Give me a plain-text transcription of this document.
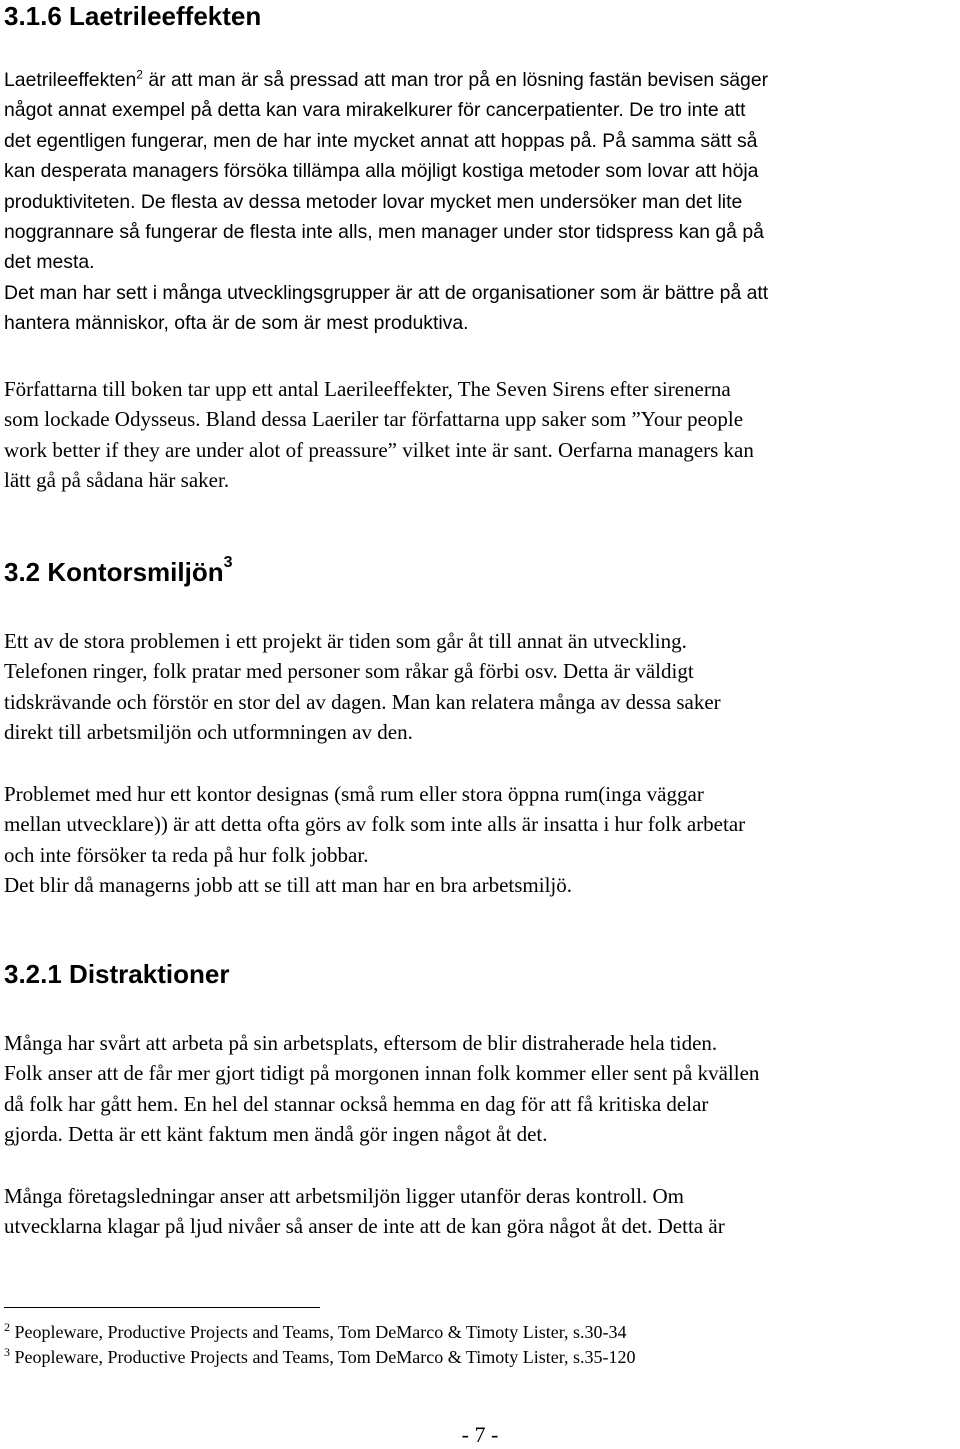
3.1.6 Laetrileeffekten
Laetrileeffekten$^2$ är att man är så pressad att man tror på en lösning fastän bevisen säger
något annat exempel på detta kan vara mirakelkurer för cancerpatienter. De tro inte att
det egentligen fungerar, men de har inte mycket annat att hoppas på. På samma sätt så
kan desperata managers försöka tillämpa alla möjligt kostiga metoder som lovar att höja
produktiviteten. De flesta av dessa metoder lovar mycket men undersöker man det lite
noggrannare så fungerar de flesta inte alls, men manager under stor tidspress kan gå på
det mesta.
Det man har sett i många utvecklingsgrupper är att de organisationer som är bättre på att
hantera människor, ofta är de som är mest produktiva.
Författarna till boken tar upp ett antal Laerileeffekter, The Seven Sirens efter sirenerna
som lockade Odysseus. Bland dessa Laeriler tar författarna upp saker som ”Your people
work better if they are under alot of preassure” vilket inte är sant. Oerfarna managers kan
lätt gå på sådana här saker.
3.2 Kontorsmiljön$^3$
Ett av de stora problemen i ett projekt är tiden som går åt till annat än utveckling.
Telefonen ringer, folk pratar med personer som råkar gå förbi osv. Detta är väldigt
tidskrävande och förstör en stor del av dagen. Man kan relatera många av dessa saker
direkt till arbetsmiljön och utformningen av den.
Problemet med hur ett kontor designas (små rum eller stora öppna rum(inga väggar
mellan utvecklare)) är att detta ofta görs av folk som inte alls är insatta i hur folk arbetar
och inte försöker ta reda på hur folk jobbar.
Det blir då managerns jobb att se till att man har en bra arbetsmiljö.
3.2.1 Distraktioner
Många har svårt att arbeta på sin arbetsplats, eftersom de blir distraherade hela tiden.
Folk anser att de får mer gjort tidigt på morgonen innan folk kommer eller sent på kvällen
då folk har gått hem. En hel del stannar också hemma en dag för att få kritiska delar
gjorda. Detta är ett känt faktum men ändå gör ingen något åt det.
Många företagsledningar anser att arbetsmiljön ligger utanför deras kontroll. Om
utvecklarna klagar på ljud nivåer så anser de inte att de kan göra något åt det. Detta är
$^2$ Peopleware, Productive Projects and Teams, Tom DeMarco & Timoty Lister, s.30-34
$^3$ Peopleware, Productive Projects and Teams, Tom DeMarco & Timoty Lister, s.35-120
- 7 -
